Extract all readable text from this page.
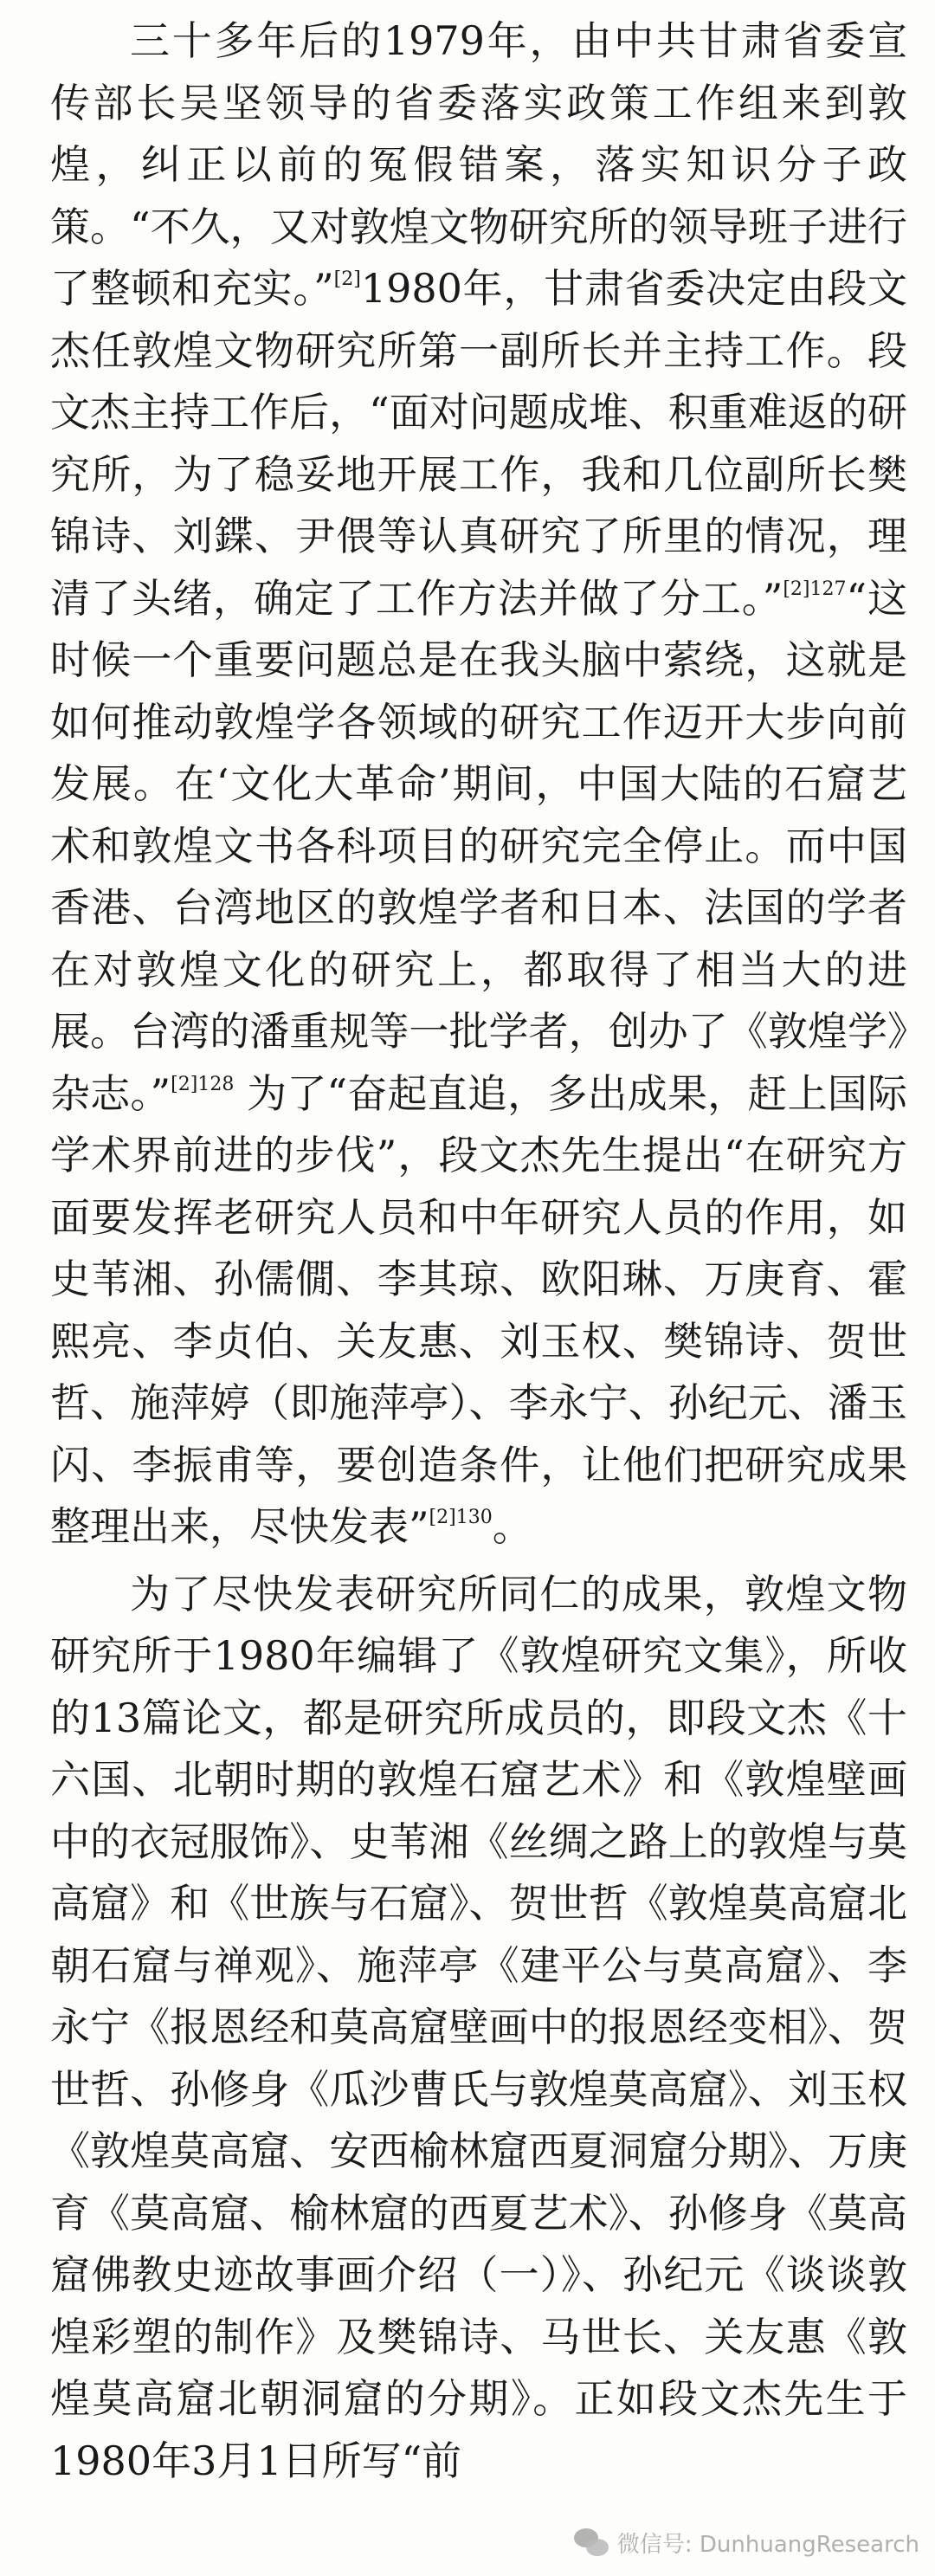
三十多年后的1979年，由中共甘肃省委宣传部长吴坚领导的省委落实政策工作组来到敦煌，纠正以前的冤假错案，落实知识分子政策。“不久，又对敦煌文物研究所的领导班子进行了整顿和充实。”[2]1980年，甘肃省委决定由段文杰任敦煌文物研究所第一副所长并主持工作。段文杰主持工作后，“面对问题成堆、积重难返的研究所，为了稳妥地开展工作，我和几位副所长樊锦诗、刘鍱、尹偎等认真研究了所里的情况，理清了头绪，确定了工作方法并做了分工。”$^{[2]127}$“这时候一个重要问题总是在我头脑中萦绕，这就是如何推动敦煌学各领域的研究工作迈开大步向前发展。在‘文化大革命’期间，中国大陆的石窟艺术和敦煌文书各科项目的研究完全停止。而中国香港、台湾地区的敦煌学者和日本、法国的学者在对敦煌文化的研究上，都取得了相当大的进展。台湾的潘重规等一批学者，创办了《敦煌学》杂志。”$^{[2]128}$ 为了“奋起直追，多出成果，赶上国际学术界前进的步伐”，段文杰先生提出“在研究方面要发挥老研究人员和中年研究人员的作用，如史苇湘、孙儒僩、李其琼、欧阳琳、万庚育、霍熙亮、李贞伯、关友惠、刘玉权、樊锦诗、贺世哲、施萍婷（即施萍亭）、李永宁、孙纪元、潘玉闪、李振甫等，要创造条件，让他们把研究成果整理出来，尽快发表”$^{[2]130}$。

为了尽快发表研究所同仁的成果，敦煌文物研究所于1980年编辑了《敦煌研究文集》，所收的13篇论文，都是研究所成员的，即段文杰《十六国、北朝时期的敦煌石窟艺术》和《敦煌壁画中的衣冠服饰》、史苇湘《丝绸之路上的敦煌与莫高窟》和《世族与石窟》、贺世哲《敦煌莫高窟北朝石窟与禅观》、施萍亭《建平公与莫高窟》、李永宁《报恩经和莫高窟壁画中的报恩经变相》、贺世哲、孙修身《瓜沙曹氏与敦煌莫高窟》、刘玉权《敦煌莫高窟、安西榆林窟西夏洞窟分期》、万庚育《莫高窟、榆林窟的西夏艺术》、孙修身《莫高窟佛教史迹故事画介绍（一）》、孙纪元《谈谈敦煌彩塑的制作》及樊锦诗、马世长、关友惠《敦煌莫高窟北朝洞窟的分期》。正如段文杰先生于1980年3月1日所写“前

微信号: DunhuangResearch
